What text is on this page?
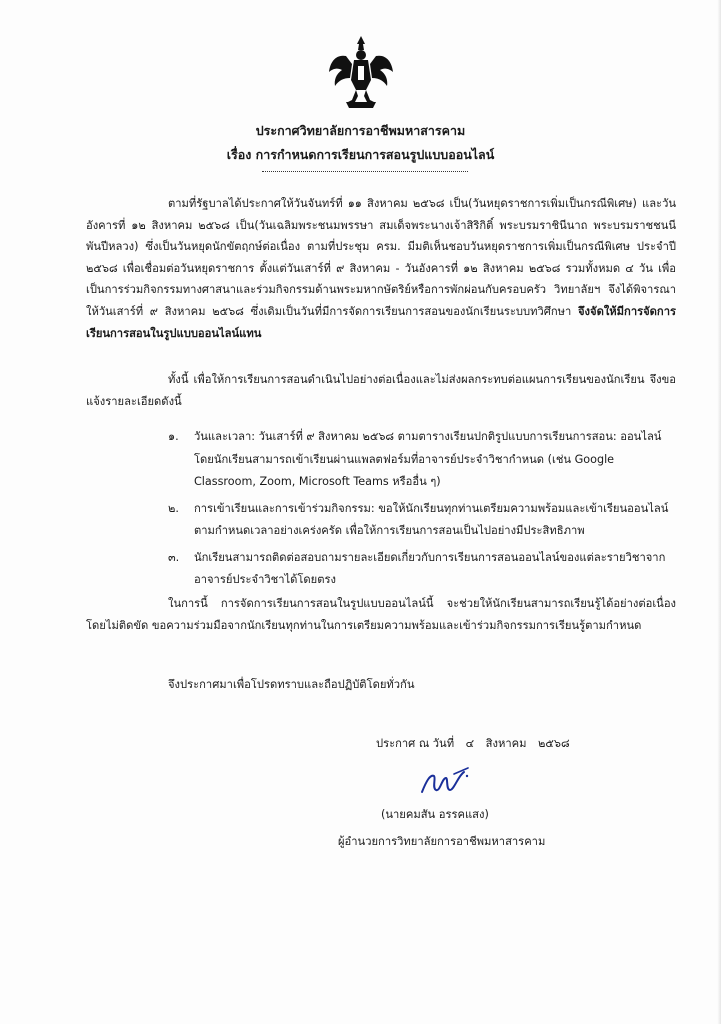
ประกาศวิทยาลัยการอาชีพมหาสารคาม
เรื่อง การกำหนดการเรียนการสอนรูปแบบออนไลน์
ตามที่รัฐบาลได้ประกาศให้วันจันทร์ที่ ๑๑ สิงหาคม ๒๕๖๘ เป็น(วันหยุดราชการเพิ่มเป็นกรณีพิเศษ) และวันอังคารที่ ๑๒ สิงหาคม ๒๕๖๘ เป็น(วันเฉลิมพระชนมพรรษา สมเด็จพระนางเจ้าสิริกิติ์ พระบรมราชินีนาถ พระบรมราชชนนีพันปีหลวง) ซึ่งเป็นวันหยุดนักขัตฤกษ์ต่อเนื่อง ตามที่ประชุม ครม. มีมติเห็นชอบวันหยุดราชการเพิ่มเป็นกรณีพิเศษ ประจำปี ๒๕๖๘ เพื่อเชื่อมต่อวันหยุดราชการ ตั้งแต่วันเสาร์ที่ ๙ สิงหาคม - วันอังคารที่ ๑๒ สิงหาคม ๒๕๖๘ รวมทั้งหมด ๔ วัน เพื่อเป็นการร่วมกิจกรรมทางศาสนาและร่วมกิจกรรมด้านพระมหากษัตริย์หรือการพักผ่อนกับครอบครัว วิทยาลัยฯ จึงได้พิจารณาให้วันเสาร์ที่ ๙ สิงหาคม ๒๕๖๘ ซึ่งเดิมเป็นวันที่มีการจัดการเรียนการสอนของนักเรียนระบบทวิศึกษา จึงจัดให้มีการจัดการเรียนการสอนในรูปแบบออนไลน์แทน
ทั้งนี้ เพื่อให้การเรียนการสอนดำเนินไปอย่างต่อเนื่องและไม่ส่งผลกระทบต่อแผนการเรียนของนักเรียน จึงขอแจ้งรายละเอียดดังนี้
๑. วันและเวลา: วันเสาร์ที่ ๙ สิงหาคม ๒๕๖๘ ตามตารางเรียนปกติรูปแบบการเรียนการสอน: ออนไลน์ โดยนักเรียนสามารถเข้าเรียนผ่านแพลตฟอร์มที่อาจารย์ประจำวิชากำหนด (เช่น Google Classroom, Zoom, Microsoft Teams หรืออื่น ๆ)
๒. การเข้าเรียนและการเข้าร่วมกิจกรรม: ขอให้นักเรียนทุกท่านเตรียมความพร้อมและเข้าเรียนออนไลน์ตามกำหนดเวลาอย่างเคร่งครัด เพื่อให้การเรียนการสอนเป็นไปอย่างมีประสิทธิภาพ
๓. นักเรียนสามารถติดต่อสอบถามรายละเอียดเกี่ยวกับการเรียนการสอนออนไลน์ของแต่ละรายวิชาจากอาจารย์ประจำวิชาได้โดยตรง
ในการนี้ การจัดการเรียนการสอนในรูปแบบออนไลน์นี้ จะช่วยให้นักเรียนสามารถเรียนรู้ได้อย่างต่อเนื่องโดยไม่ติดขัด ขอความร่วมมือจากนักเรียนทุกท่านในการเตรียมความพร้อมและเข้าร่วมกิจกรรมการเรียนรู้ตามกำหนด
จึงประกาศมาเพื่อโปรดทราบและถือปฏิบัติโดยทั่วกัน
ประกาศ ณ วันที่ ๔ สิงหาคม ๒๕๖๘
(นายคมสัน อรรคแสง)
ผู้อำนวยการวิทยาลัยการอาชีพมหาสารคาม
